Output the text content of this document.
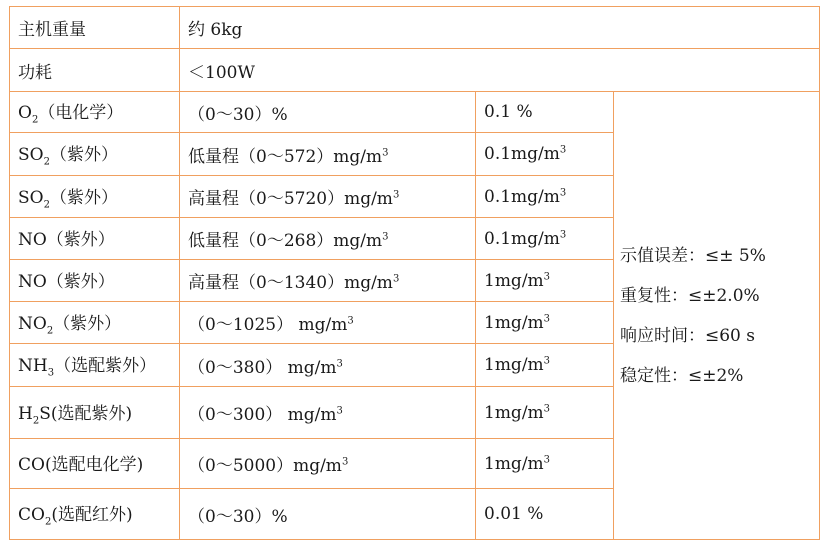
主机重量	约 6kg		
功耗	＜100W		
$O_2$（电化学）	（0～30）%	0.1 %	示值误差：≤± 5%
重复性：≤±2.0%
响应时间：≤60 s
稳定性：≤±2%

$SO_2$（紫外）	低量程$(0\sim 572)mg/m^3$	$0.1mg/m^3$
$SO_2$（紫外）	高量程$(0\sim 5720)mg/m^3$	$0.1mg/m^3$
NO（紫外）	低量程$(0\sim 268)mg/m^3$	$0.1mg/m^3$
NO（紫外）	高量程$(0\sim 1340)mg/m^3$	$1mg/m^3$
$NO_2$（紫外）	（0～1025） $mg/m^3$	$1mg/m^3$
$NH_3$（选配紫外）	（0～380） $mg/m^3$	$1mg/m^3$
$H_2S$(选配紫外)	（0～300） $mg/m^3$	$1mg/m^3$
CO(选配电化学)	$(0\sim 5000)mg/m^3$	$1mg/m^3$
$CO_2$(选配红外)	（0～30）%	0.01 %	
